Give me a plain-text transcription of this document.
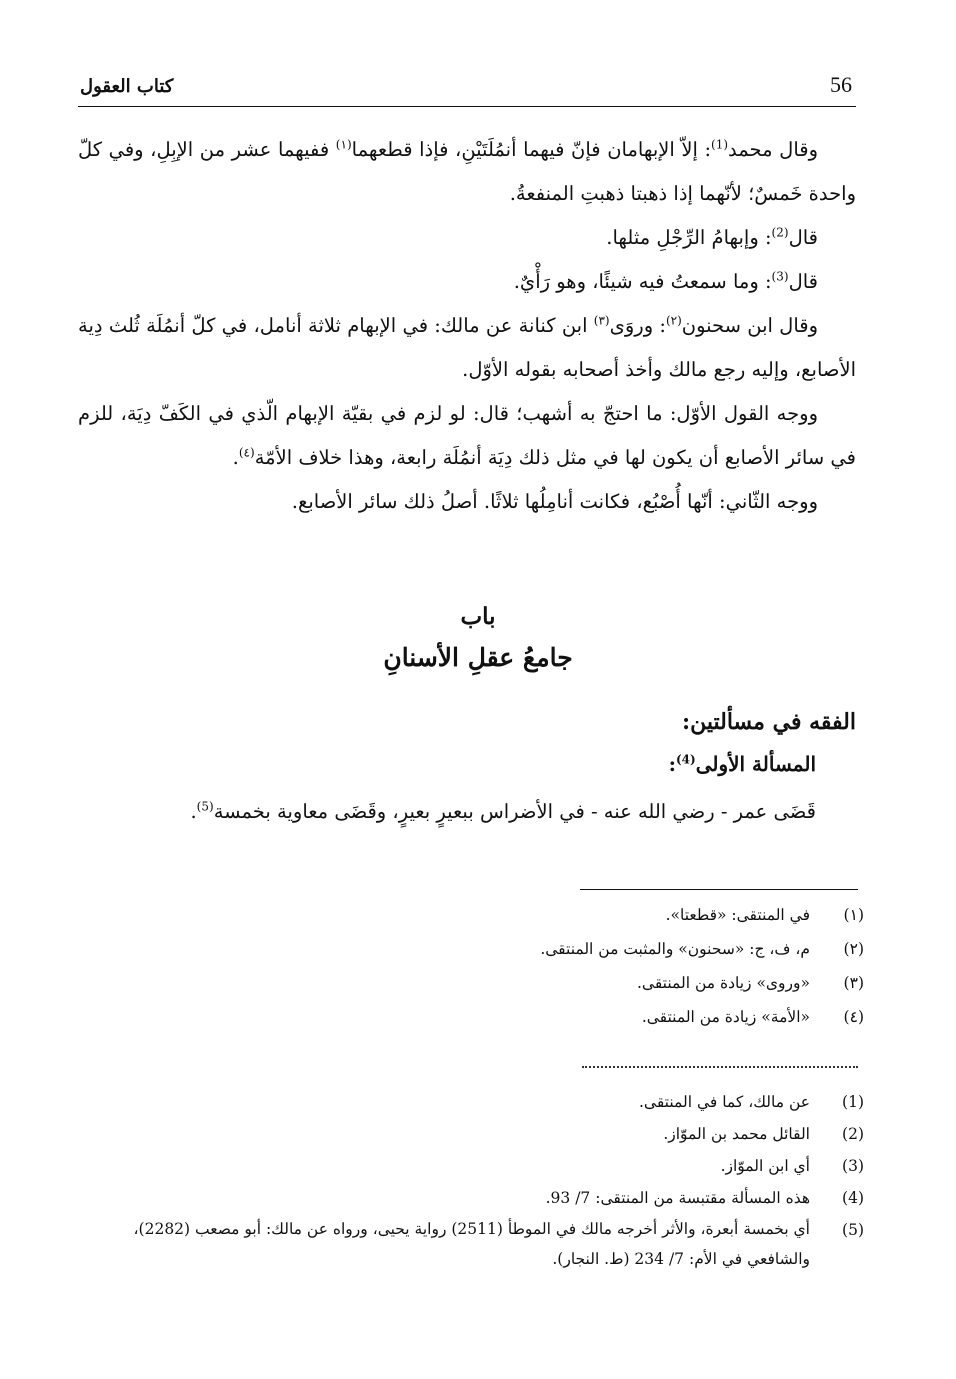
56
كتاب العقول

وقال محمد$^{(1)}$: إلاّ الإبهامان فإنّ فيهما أنمُلَتَيْنِ، فإذا قطعهما$^{(١)}$ ففيهما عشر من الإبِلِ، وفي كلّ واحدة خَمسٌ؛ لأنّهما إذا ذهبتا ذهبتِ المنفعةُ.

قال$^{(2)}$: وإبهامُ الرِّجْلِ مثلها.

قال$^{(3)}$: وما سمعتُ فيه شيئًا، وهو رَأْيٌ.

وقال ابن سحنون$^{(٢)}$: وروَى$^{(٣)}$ ابن كنانة عن مالك: في الإبهام ثلاثة أنامل، في كلّ أنمُلَة ثُلث دِية الأصابع، وإليه رجع مالك وأخذ أصحابه بقوله الأوّل.

ووجه القول الأوّل: ما احتجّ به أشهب؛ قال: لو لزم في بقيّة الإبهام الّذي في الكَفّ دِيَة، للزم في سائر الأصابع أن يكون لها في مثل ذلك دِيَة أنمُلَة رابعة، وهذا خلاف الأمّة$^{(٤)}$.

ووجه الثّاني: أنّها أُصْبُع، فكانت أنامِلُها ثلاثًا. أصلُ ذلك سائر الأصابع.

باب
جامعُ عقلِ الأسنانِ

الفقه في مسألتين:

المسألة الأولى$^{(4)}$:

قَضَى عمر - رضي الله عنه - في الأضراس ببعيرٍ بعيرٍ، وقَضَى معاوية بخمسة$^{(5)}$.

(١)
في المنتقى: «قطعتا».
(٢)
م، ف، ج: «سحنون» والمثبت من المنتقى.
(٣)
«وروى» زيادة من المنتقى.
(٤)
«الأمة» زيادة من المنتقى.
(1)
عن مالك، كما في المنتقى.
(2)
القائل محمد بن الموّاز.
(3)
أي ابن الموّاز.
(4)
هذه المسألة مقتبسة من المنتقى: 7/ 93.
(5)
أي بخمسة أبعرة، والأثر أخرجه مالك في الموطأ (2511) رواية يحيى، ورواه عن مالك: أبو مصعب (2282)، والشافعي في الأم: 7/ 234 (ط. النجار).
